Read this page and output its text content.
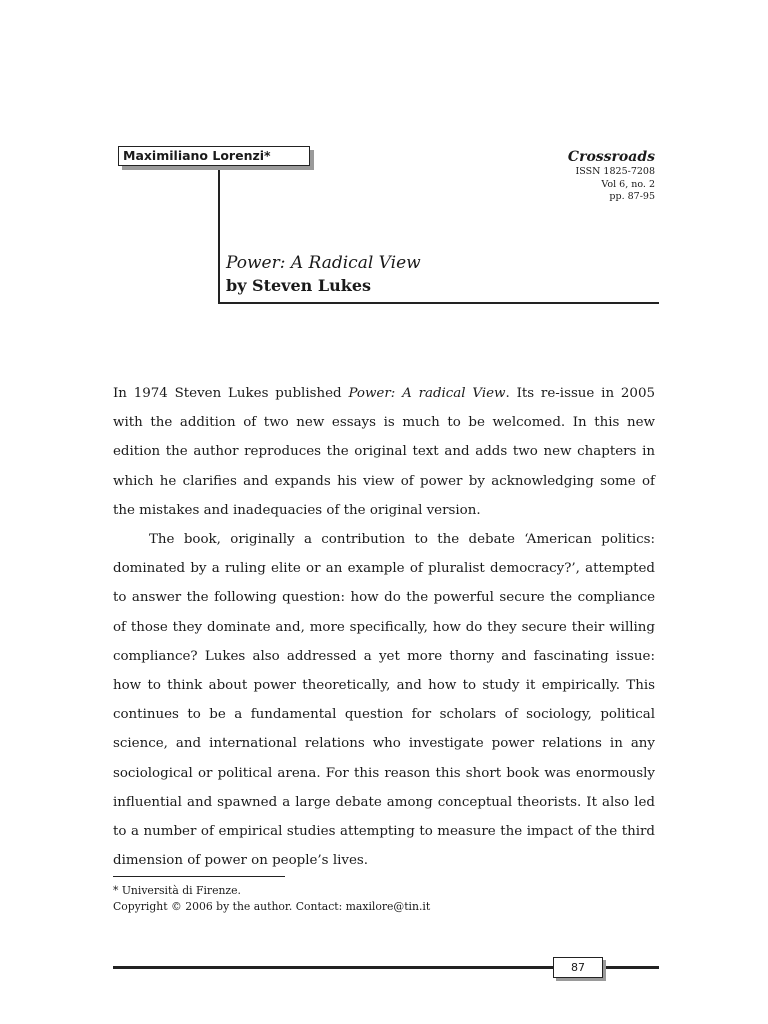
Maximiliano Lorenzi*	Crossroads
ISSN 1825-7208
Vol 6, no. 2
pp. 87-95
Power: A Radical View
by Steven Lukes

In 1974 Steven Lukes published Power: A radical View. Its re-issue in 2005 with the addition of two new essays is much to be welcomed. In this new edition the author reproduces the original text and adds two new chapters in which he clarifies and expands his view of power by acknowledging some of the mistakes and inadequacies of the original version.

The book, originally a contribution to the debate ‘American politics: dominated by a ruling elite or an example of pluralist democracy?’, attempted to answer the following question: how do the powerful secure the compliance of those they dominate and, more specifically, how do they secure their willing compliance? Lukes also addressed a yet more thorny and fascinating issue: how to think about power theoretically, and how to study it empirically. This continues to be a fundamental question for scholars of sociology, political science, and international relations who investigate power relations in any sociological or political arena. For this reason this short book was enormously influential and spawned a large debate among conceptual theorists. It also led to a number of empirical studies attempting to measure the impact of the third dimension of power on people’s lives.

* Università di Firenze.
Copyright © 2006 by the author. Contact: maxilore@tin.it
87
